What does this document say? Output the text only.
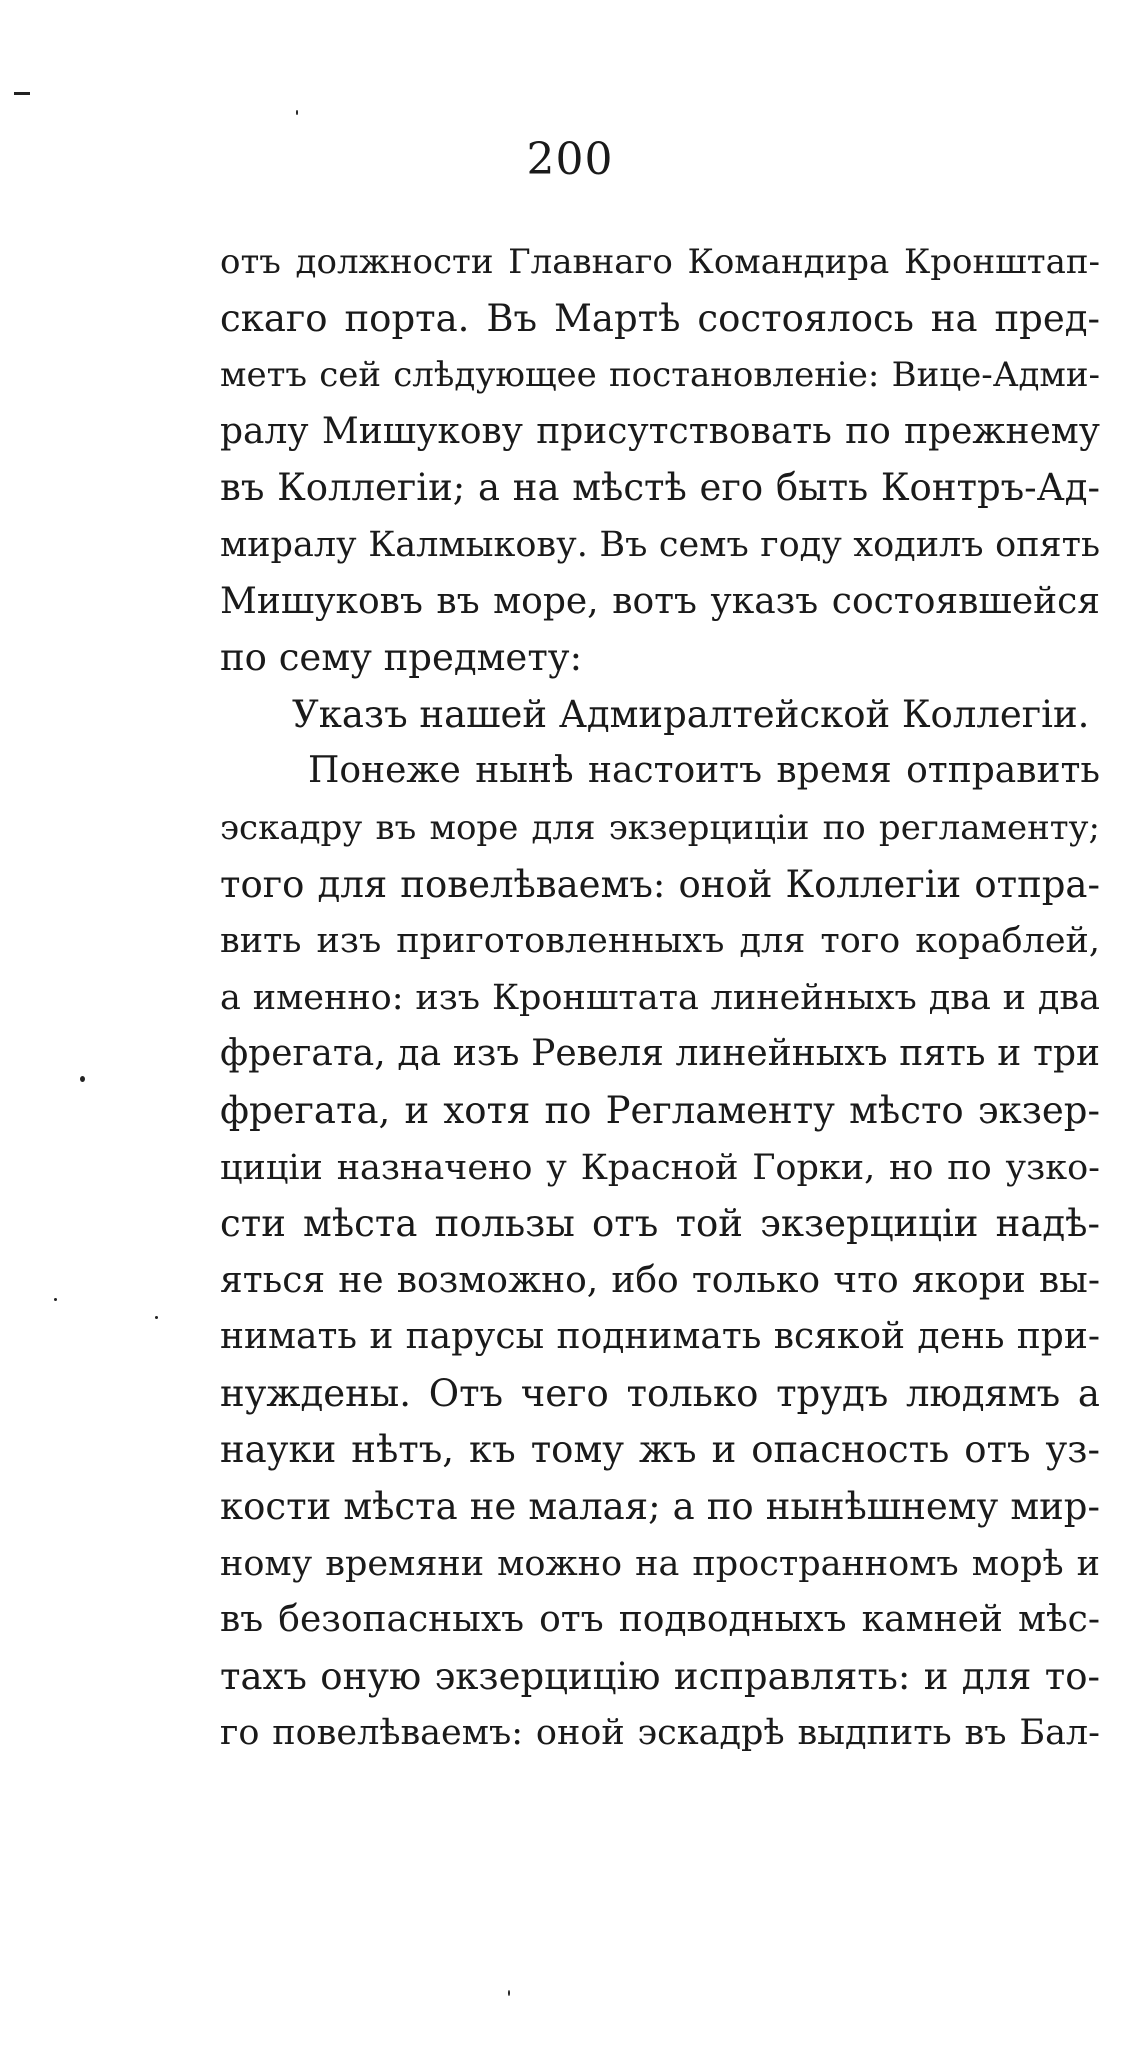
200
отъ должности Главнаго Командира Кронштап-
скаго порта. Въ Мартѣ состоялось на пред-
метъ сей слѣдующее постановленіе: Вице-Адми-
ралу Мишукову присутствовать по прежнему
въ Коллегіи; а на мѣстѣ его быть Контръ-Ад-
миралу Калмыкову. Въ семъ году ходилъ опять
Мишуковъ въ море, вотъ указъ состоявшейся
по сему предмету:
Указъ нашей Адмиралтейской Коллегіи.
Понеже нынѣ настоитъ время отправить
эскадру въ море для экзерциціи по регламенту;
того для повелѣваемъ: оной Коллегіи отпра-
вить изъ приготовленныхъ для того кораблей,
а именно: изъ Кронштата линейныхъ два и два
фрегата, да изъ Ревеля линейныхъ пять и три
фрегата, и хотя по Регламенту мѣсто экзер-
циціи назначено у Красной Горки, но по узко-
сти мѣста пользы отъ той экзерциціи надѣ-
яться не возможно, ибо только что якори вы-
нимать и парусы поднимать всякой день при-
нуждены. Отъ чего только трудъ людямъ а
науки нѣтъ, къ тому жъ и опасность отъ уз-
кости мѣста не малая; а по нынѣшнему мир-
ному времяни можно на пространномъ морѣ и
въ безопасныхъ отъ подводныхъ камней мѣс-
тахъ оную экзерцицію исправлять: и для то-
го повелѣваемъ: оной эскадрѣ выдпить въ Бал-
